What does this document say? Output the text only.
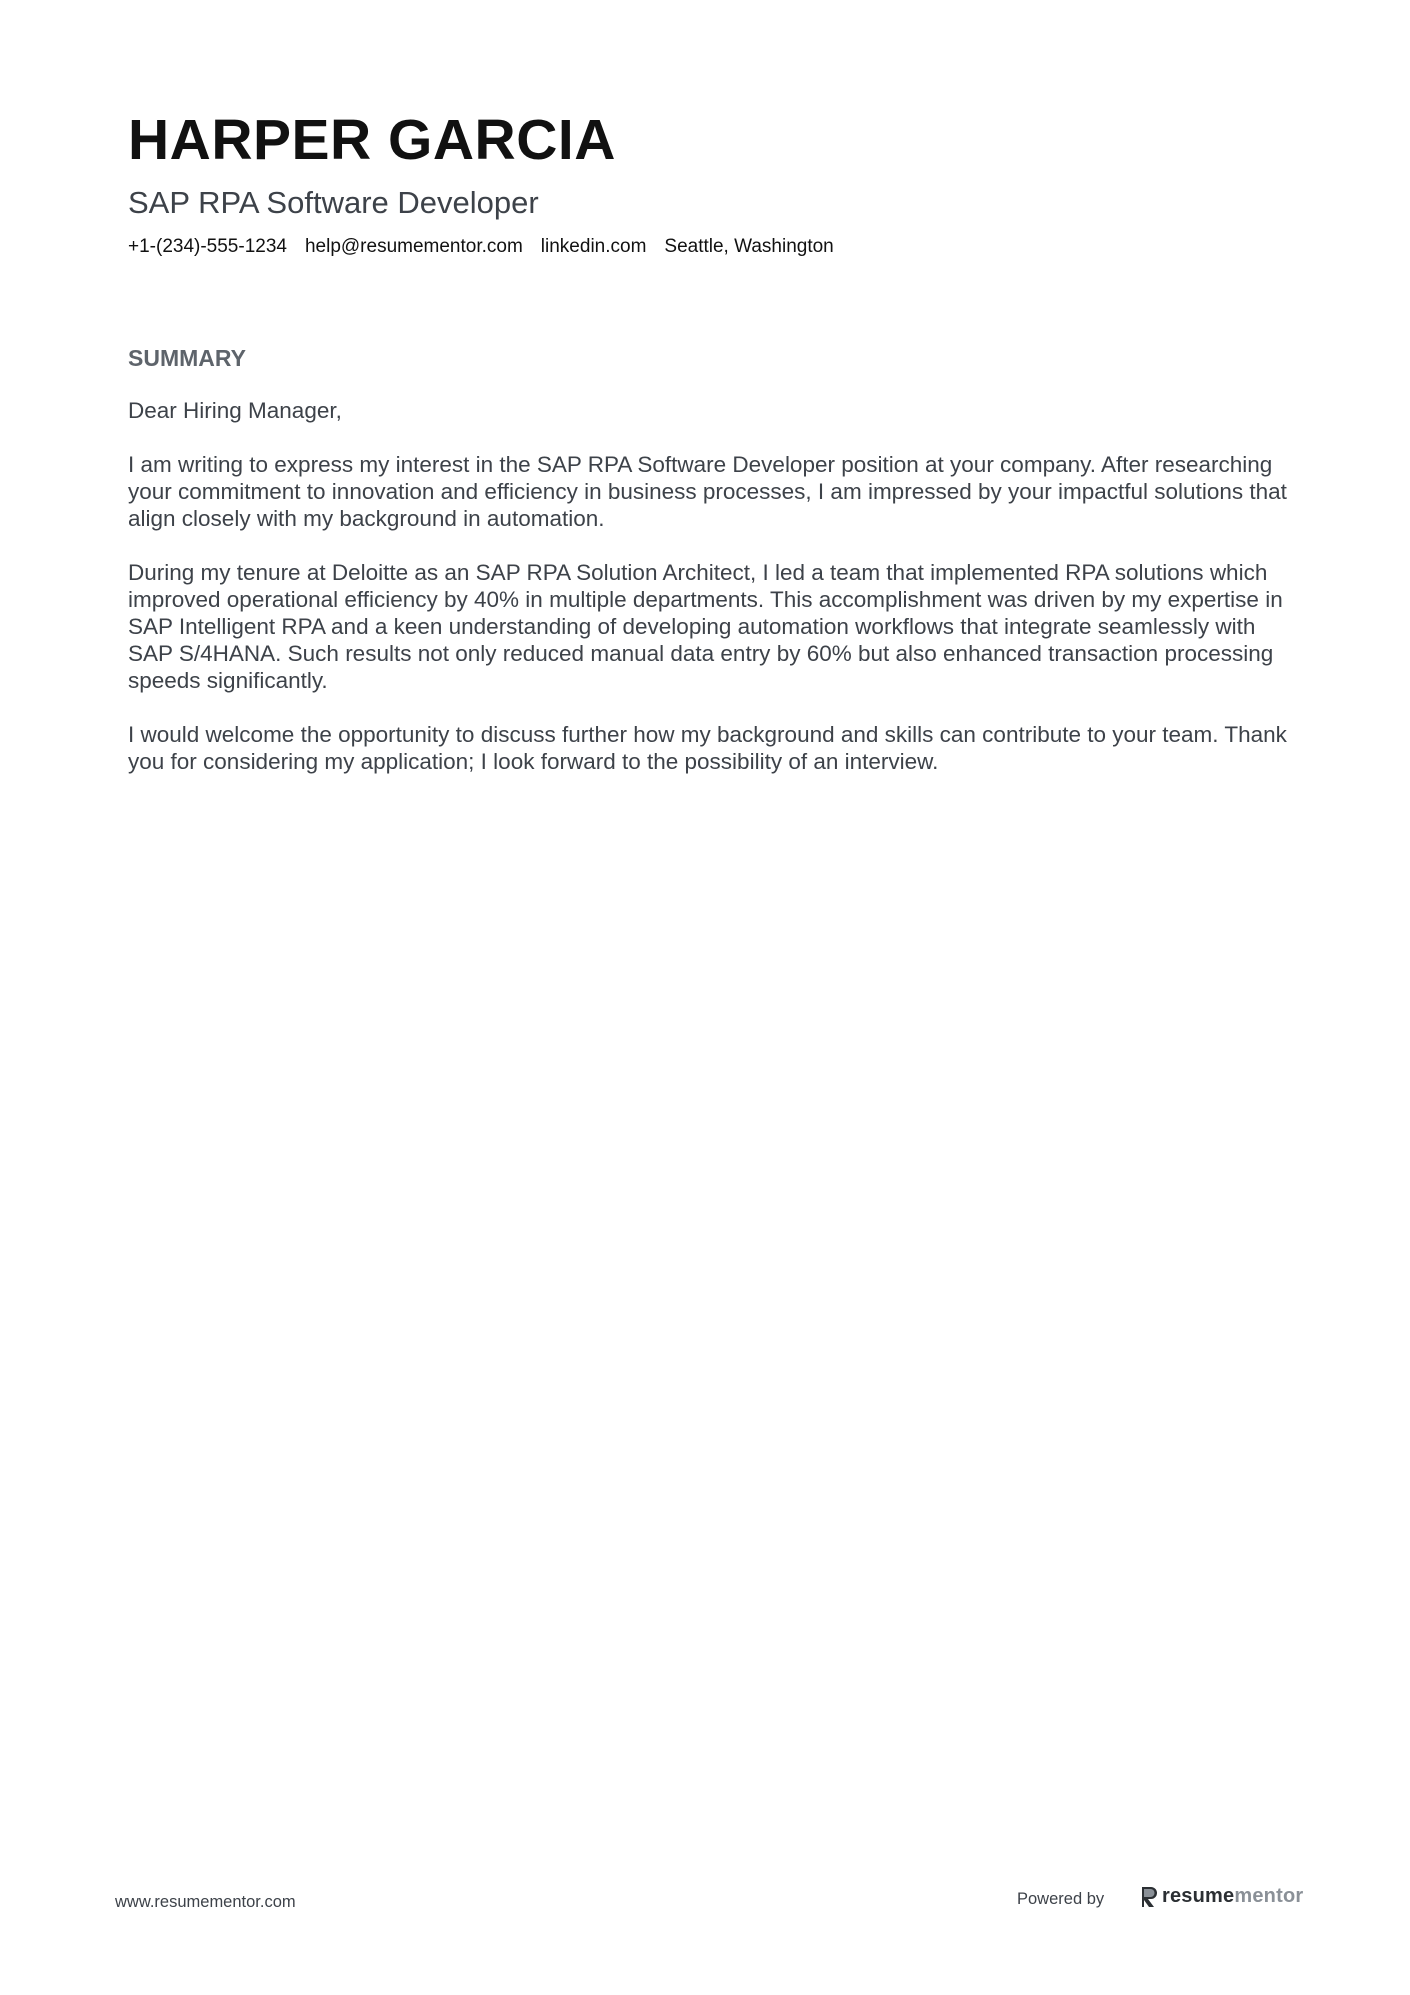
HARPER GARCIA
SAP RPA Software Developer
+1-(234)-555-1234 help@resumementor.com linkedin.com Seattle, Washington
SUMMARY

Dear Hiring Manager,

I am writing to express my interest in the SAP RPA Software Developer position at your company. After researching your commitment to innovation and efficiency in business processes, I am impressed by your impactful solutions that align closely with my background in automation.

During my tenure at Deloitte as an SAP RPA Solution Architect, I led a team that implemented RPA solutions which improved operational efficiency by 40% in multiple departments. This accomplishment was driven by my expertise in SAP Intelligent RPA and a keen understanding of developing automation workflows that integrate seamlessly with SAP S/4HANA. Such results not only reduced manual data entry by 60% but also enhanced transaction processing speeds significantly.

I would welcome the opportunity to discuss further how my background and skills can contribute to your team. Thank you for considering my application; I look forward to the possibility of an interview.

www.resumementor.com	Powered by	resumementor
